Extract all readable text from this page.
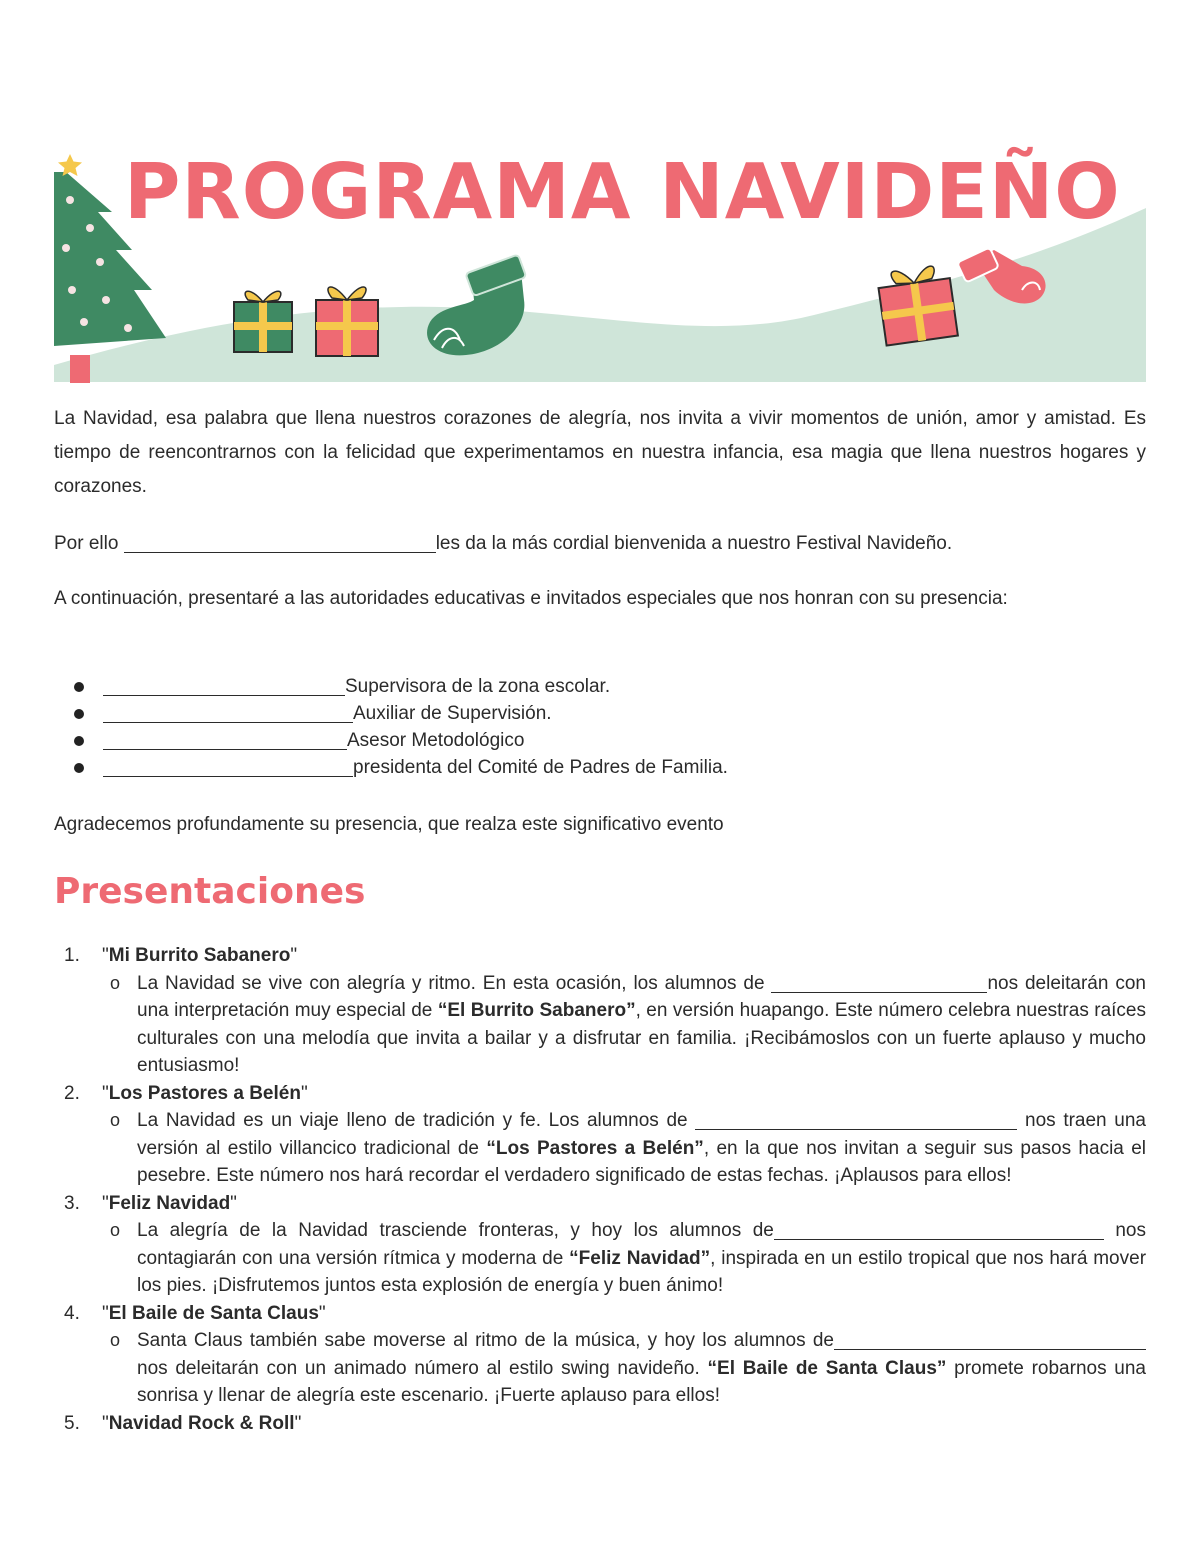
PROGRAMA NAVIDEÑO

La Navidad, esa palabra que llena nuestros corazones de alegría, nos invita a vivir momentos de unión, amor y amistad. Es tiempo de reencontrarnos con la felicidad que experimentamos en nuestra infancia, esa magia que llena nuestros hogares y corazones.

Por ello	les da la más cordial bienvenida a nuestro Festival Navideño.

A continuación, presentaré a las autoridades educativas e invitados especiales que nos honran con su presencia:

Supervisora de la zona escolar.
Auxiliar de Supervisión.
Asesor Metodológico
presidenta del Comité de Padres de Familia.

Agradecemos profundamente su presencia, que realza este significativo evento

Presentaciones
1. "Mi Burrito Sabanero"
o La Navidad se vive con alegría y ritmo. En esta ocasión, los alumnos de	nos deleitarán con una interpretación muy especial de “El Burrito Sabanero”, en versión huapango. Este número celebra nuestras raíces culturales con una melodía que invita a bailar y a disfrutar en familia. ¡Recibámoslos con un fuerte aplauso y mucho entusiasmo!
2. "Los Pastores a Belén"
o La Navidad es un viaje lleno de tradición y fe. Los alumnos de	nos traen una versión al estilo villancico tradicional de “Los Pastores a Belén”, en la que nos invitan a seguir sus pasos hacia el pesebre. Este número nos hará recordar el verdadero significado de estas fechas. ¡Aplausos para ellos!
3. "Feliz Navidad"
o La alegría de la Navidad trasciende fronteras, y hoy los alumnos de	nos contagiarán con una versión rítmica y moderna de “Feliz Navidad”, inspirada en un estilo tropical que nos hará mover los pies. ¡Disfrutemos juntos esta explosión de energía y buen ánimo!
4. "El Baile de Santa Claus"
o Santa Claus también sabe moverse al ritmo de la música, y hoy los alumnos de nos deleitarán con un animado número al estilo swing navideño. “El Baile de Santa Claus” promete robarnos una sonrisa y llenar de alegría este escenario. ¡Fuerte aplauso para ellos!
5. "Navidad Rock & Roll"
